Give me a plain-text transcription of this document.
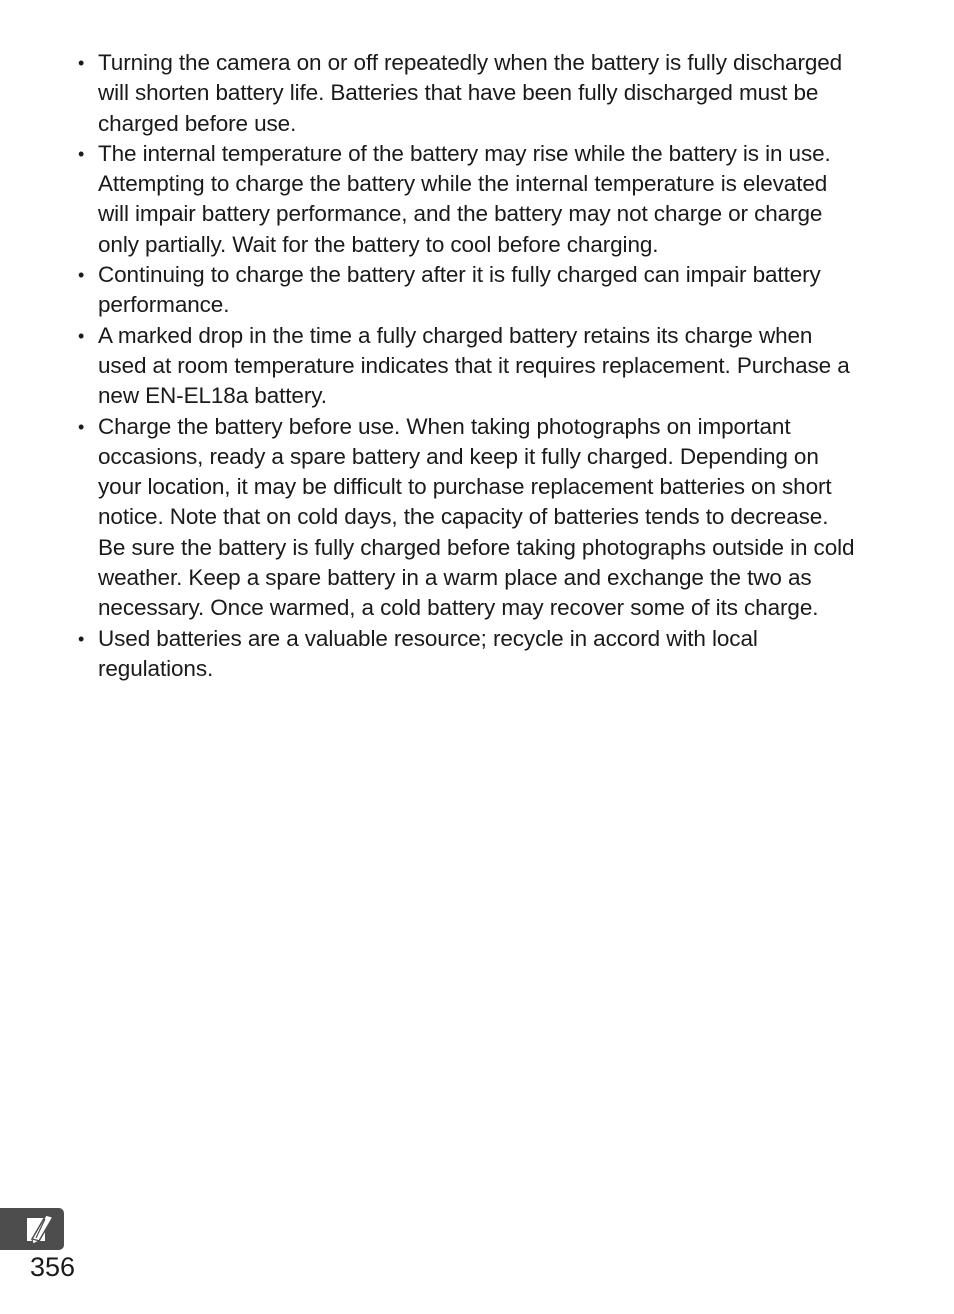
• Turning the camera on or off repeatedly when the battery is fully discharged will shorten battery life. Batteries that have been fully discharged must be charged before use.
• The internal temperature of the battery may rise while the battery is in use. Attempting to charge the battery while the internal temperature is elevated will impair battery performance, and the battery may not charge or charge only partially. Wait for the battery to cool before charging.
• Continuing to charge the battery after it is fully charged can impair battery performance.
• A marked drop in the time a fully charged battery retains its charge when used at room temperature indicates that it requires replacement. Purchase a new EN-EL18a battery.
• Charge the battery before use. When taking photographs on important occasions, ready a spare battery and keep it fully charged. Depending on your location, it may be difficult to purchase replacement batteries on short notice. Note that on cold days, the capacity of batteries tends to decrease. Be sure the battery is fully charged before taking photographs outside in cold weather. Keep a spare battery in a warm place and exchange the two as necessary. Once warmed, a cold battery may recover some of its charge.
• Used batteries are a valuable resource; recycle in accord with local regulations.
356
